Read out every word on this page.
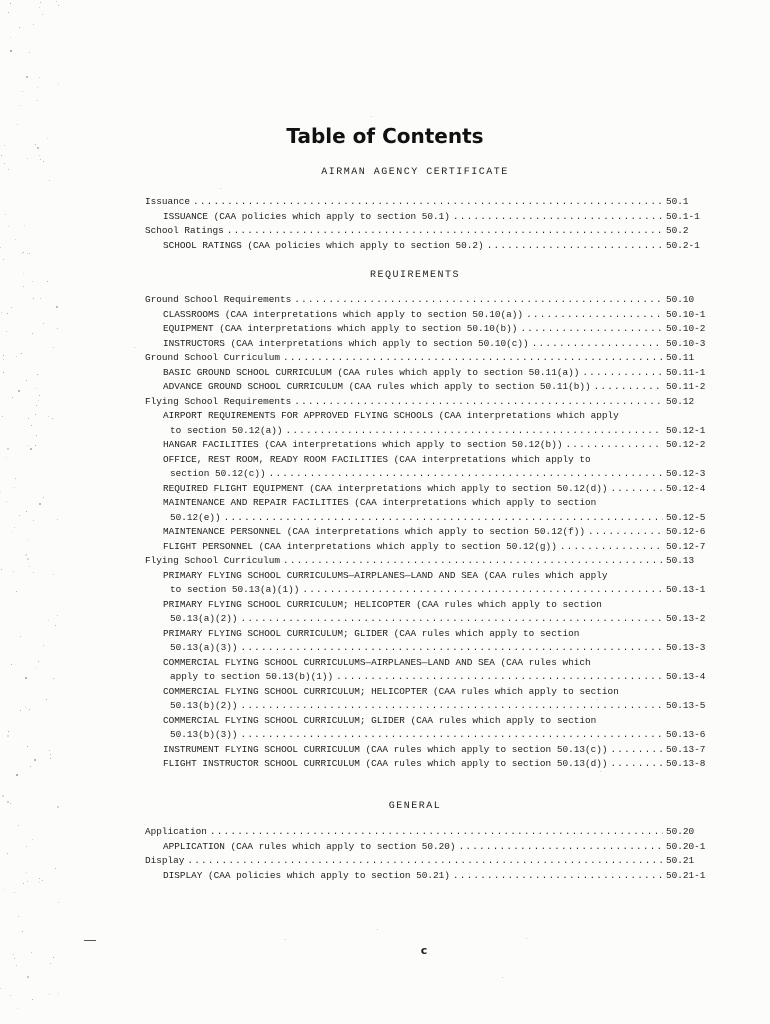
Table of Contents
AIRMAN AGENCY CERTIFICATE
Issuance .....	50.1
ISSUANCE (CAA policies which apply to section 50.1) .....	50.1-1
School Ratings .....	50.2
SCHOOL RATINGS (CAA policies which apply to section 50.2) .....	50.2-1
REQUIREMENTS
Ground School Requirements .....	50.10
CLASSROOMS (CAA interpretations which apply to section 50.10(a)) .....	50.10-1
EQUIPMENT (CAA interpretations which apply to section 50.10(b)) .....	50.10-2
INSTRUCTORS (CAA interpretations which apply to section 50.10(c)) .....	50.10-3
Ground School Curriculum .....	50.11
BASIC GROUND SCHOOL CURRICULUM (CAA rules which apply to section 50.11(a)) .....	50.11-1
ADVANCE GROUND SCHOOL CURRICULUM (CAA rules which apply to section 50.11(b)) .....	50.11-2
Flying School Requirements .....	50.12
AIRPORT REQUIREMENTS FOR APPROVED FLYING SCHOOLS (CAA interpretations which apply
to section 50.12(a)) .....	50.12-1
HANGAR FACILITIES (CAA interpretations which apply to section 50.12(b)) .....	50.12-2
OFFICE, REST ROOM, READY ROOM FACILITIES (CAA interpretations which apply to
section 50.12(c)) .....	50.12-3
REQUIRED FLIGHT EQUIPMENT (CAA interpretations which apply to section 50.12(d)) .....	50.12-4
MAINTENANCE AND REPAIR FACILITIES (CAA interpretations which apply to section
50.12(e)) .....	50.12-5
MAINTENANCE PERSONNEL (CAA interpretations which apply to section 50.12(f)) .....	50.12-6
FLIGHT PERSONNEL (CAA interpretations which apply to section 50.12(g)) .....	50.12-7
Flying School Curriculum .....	50.13
PRIMARY FLYING SCHOOL CURRICULUMS—AIRPLANES—LAND AND SEA (CAA rules which apply
to section 50.13(a)(1)) .....	50.13-1
PRIMARY FLYING SCHOOL CURRICULUM; HELICOPTER (CAA rules which apply to section
50.13(a)(2)) .....	50.13-2
PRIMARY FLYING SCHOOL CURRICULUM; GLIDER (CAA rules which apply to section
50.13(a)(3)) .....	50.13-3
COMMERCIAL FLYING SCHOOL CURRICULUMS—AIRPLANES—LAND AND SEA (CAA rules which
apply to section 50.13(b)(1)) .....	50.13-4
COMMERCIAL FLYING SCHOOL CURRICULUM; HELICOPTER (CAA rules which apply to section
50.13(b)(2)) .....	50.13-5
COMMERCIAL FLYING SCHOOL CURRICULUM; GLIDER (CAA rules which apply to section
50.13(b)(3)) .....	50.13-6
INSTRUMENT FLYING SCHOOL CURRICULUM (CAA rules which apply to section 50.13(c)) .....	50.13-7
FLIGHT INSTRUCTOR SCHOOL CURRICULUM (CAA rules which apply to section 50.13(d)) .....	50.13-8
GENERAL
Application .....	50.20
APPLICATION (CAA rules which apply to section 50.20) .....	50.20-1
Display .....	50.21
DISPLAY (CAA policies which apply to section 50.21) .....	50.21-1
c
